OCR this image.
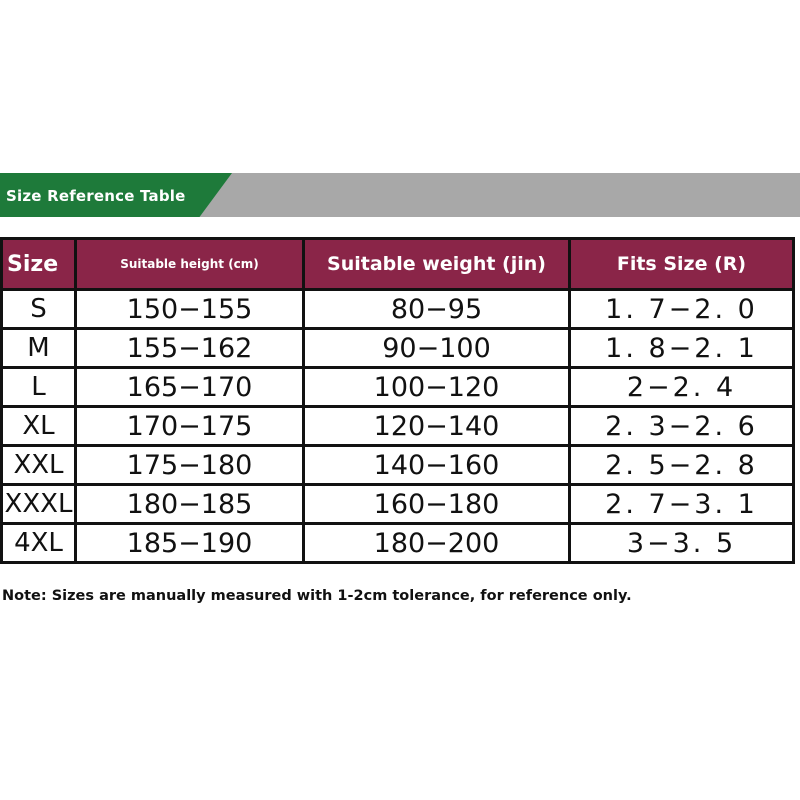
Size Reference Table
Size	Suitable height (cm)	Suitable weight (jin)	Fits Size (R)
S	150−155	80−95	1. 7−2. 0
M	155−162	90−100	1. 8−2. 1
L	165−170	100−120	2−2. 4
XL	170−175	120−140	2. 3−2. 6
XXL	175−180	140−160	2. 5−2. 8
XXXL	180−185	160−180	2. 7−3. 1
4XL	185−190	180−200	3−3. 5
Note: Sizes are manually measured with 1-2cm tolerance, for reference only.
